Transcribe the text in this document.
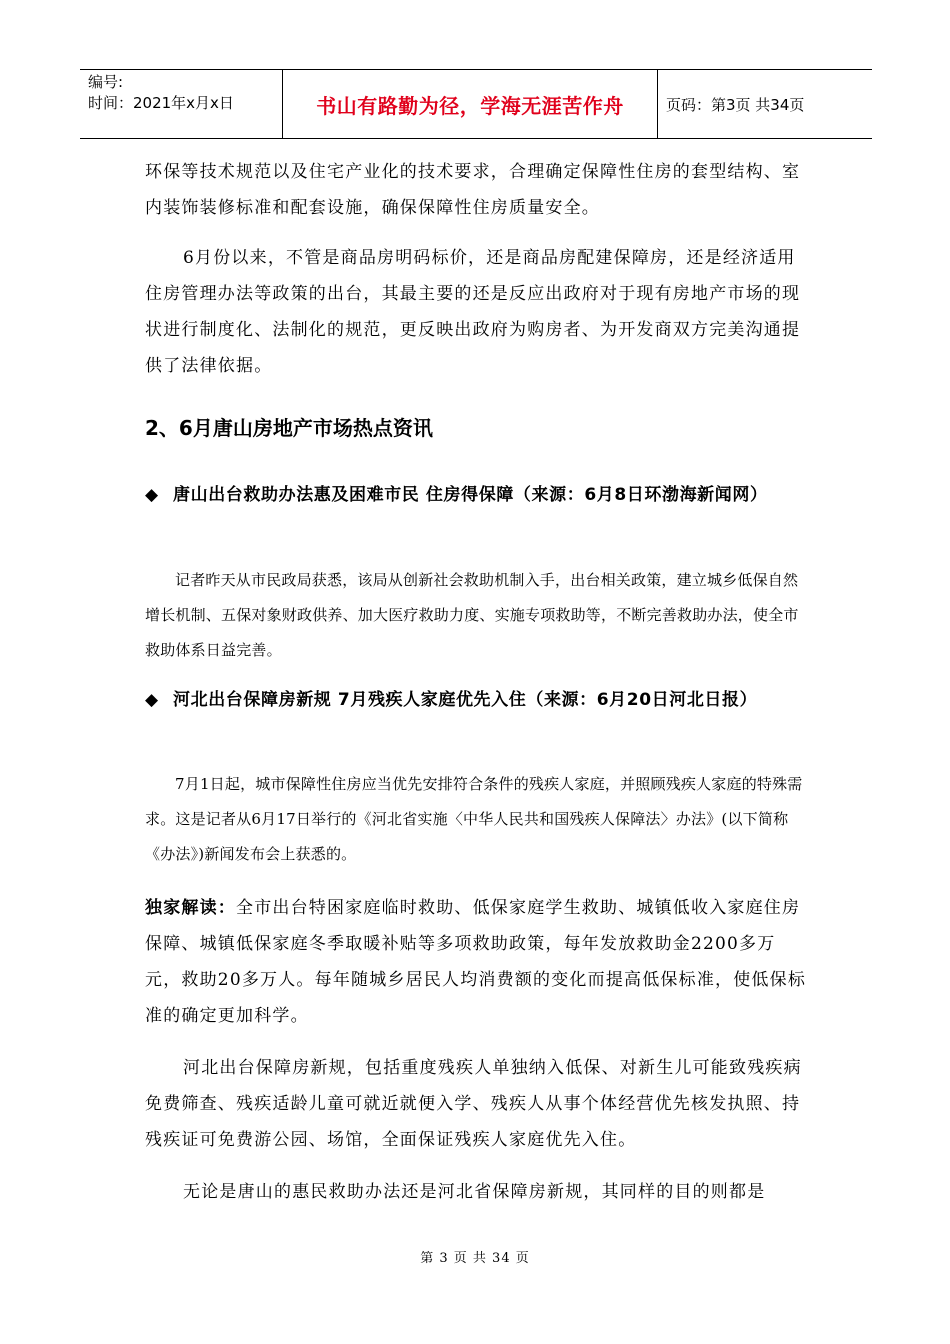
编号:
时间：2021年x月x日	书山有路勤为径，学海无涯苦作舟	页码：第3页 共34页
环保等技术规范以及住宅产业化的技术要求，合理确定保障性住房的套型结构、室内装饰装修标准和配套设施，确保保障性住房质量安全。
6月份以来，不管是商品房明码标价，还是商品房配建保障房，还是经济适用住房管理办法等政策的出台，其最主要的还是反应出政府对于现有房地产市场的现状进行制度化、法制化的规范，更反映出政府为购房者、为开发商双方完美沟通提供了法律依据。
2、6月唐山房地产市场热点资讯
◆ 唐山出台救助办法惠及困难市民 住房得保障（来源：6月8日环渤海新闻网）
记者昨天从市民政局获悉，该局从创新社会救助机制入手，出台相关政策，建立城乡低保自然增长机制、五保对象财政供养、加大医疗救助力度、实施专项救助等，不断完善救助办法，使全市救助体系日益完善。
◆ 河北出台保障房新规 7月残疾人家庭优先入住（来源：6月20日河北日报）
7月1日起，城市保障性住房应当优先安排符合条件的残疾人家庭，并照顾残疾人家庭的特殊需求。这是记者从6月17日举行的《河北省实施〈中华人民共和国残疾人保障法〉办法》(以下简称《办法》)新闻发布会上获悉的。
独家解读：全市出台特困家庭临时救助、低保家庭学生救助、城镇低收入家庭住房保障、城镇低保家庭冬季取暖补贴等多项救助政策，每年发放救助金2200多万元，救助20多万人。每年随城乡居民人均消费额的变化而提高低保标准，使低保标准的确定更加科学。
河北出台保障房新规，包括重度残疾人单独纳入低保、对新生儿可能致残疾病免费筛查、残疾适龄儿童可就近就便入学、残疾人从事个体经营优先核发执照、持残疾证可免费游公园、场馆，全面保证残疾人家庭优先入住。
无论是唐山的惠民救助办法还是河北省保障房新规，其同样的目的则都是
第 3 页 共 34 页
